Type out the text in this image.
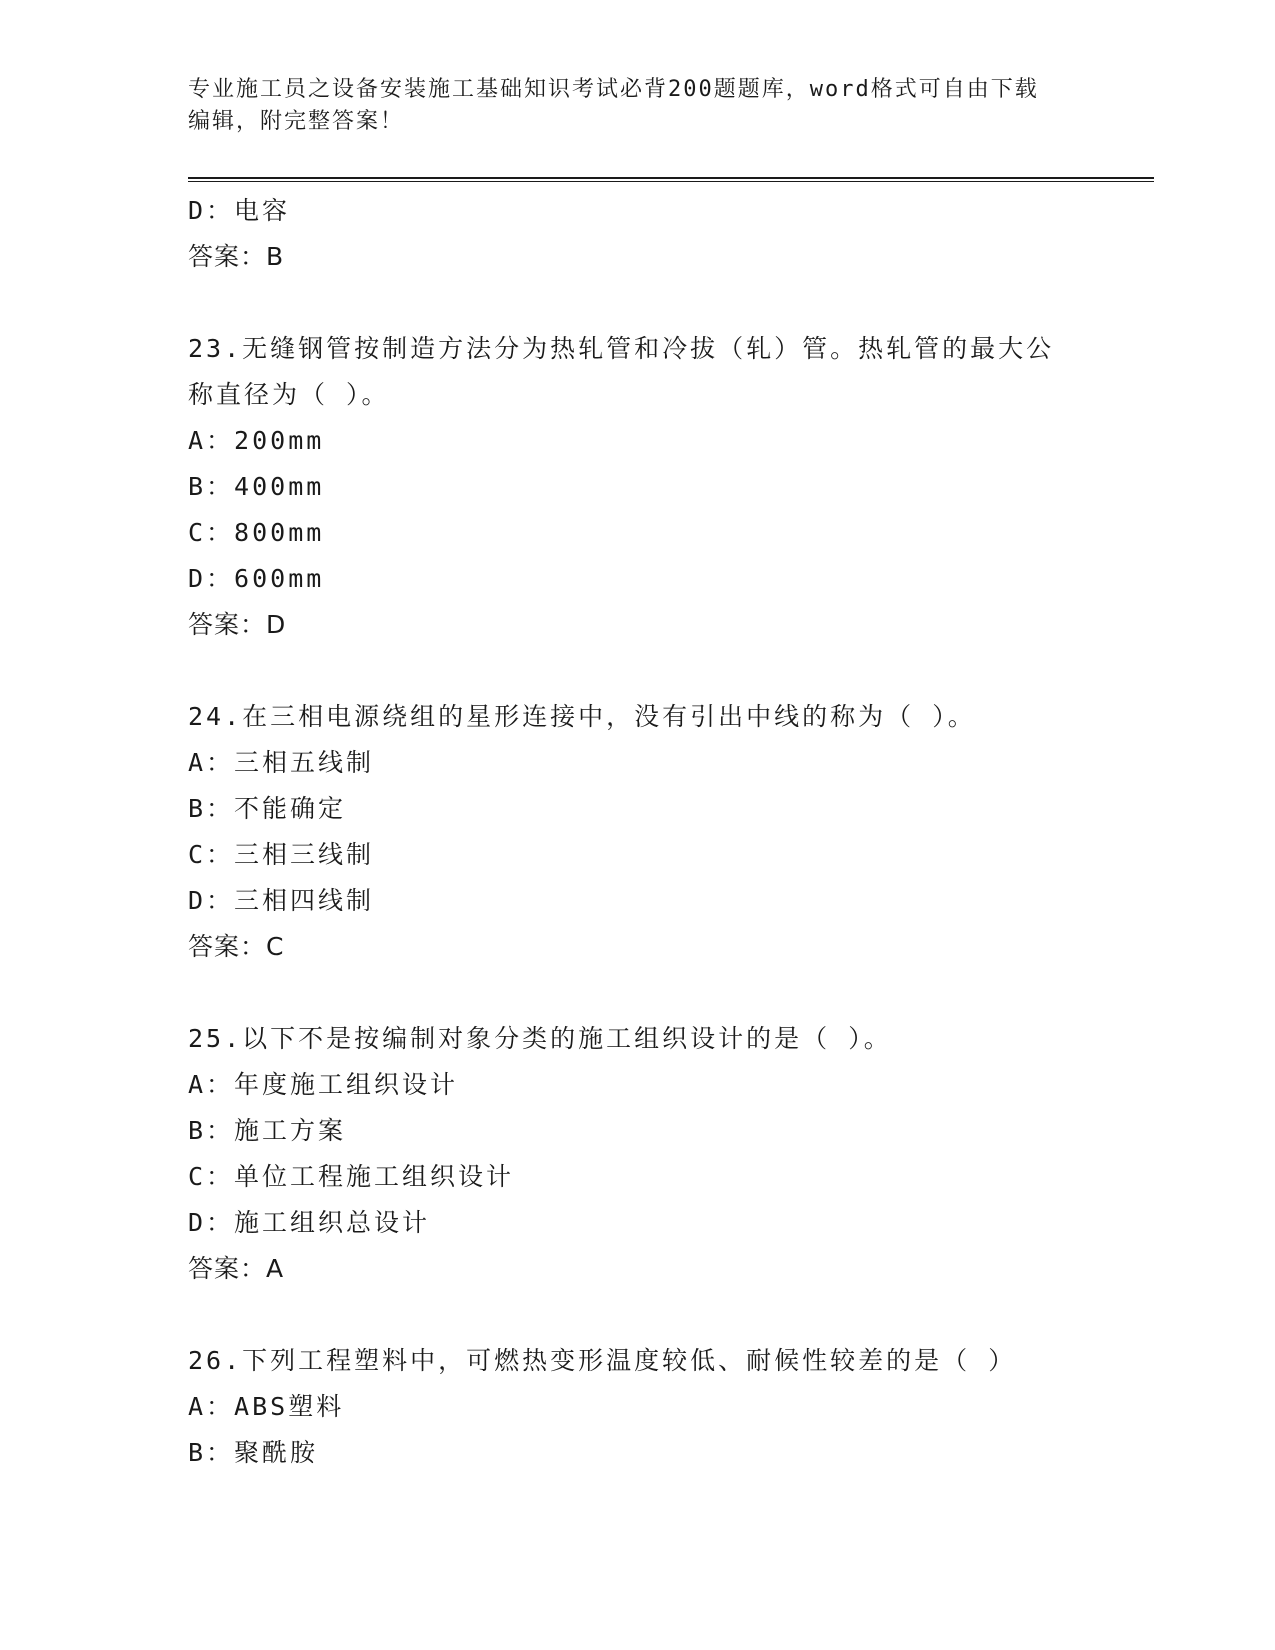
专业施工员之设备安装施工基础知识考试必背200题题库，word格式可自由下载
编辑，附完整答案！
D：电容
答案：B
23.无缝钢管按制造方法分为热轧管和冷拔（轧）管。热轧管的最大公
称直径为（ ）。
A：200mm
B：400mm
C：800mm
D：600mm
答案：D
24.在三相电源绕组的星形连接中，没有引出中线的称为（ ）。
A：三相五线制
B：不能确定
C：三相三线制
D：三相四线制
答案：C
25.以下不是按编制对象分类的施工组织设计的是（ ）。
A：年度施工组织设计
B：施工方案
C：单位工程施工组织设计
D：施工组织总设计
答案：A
26.下列工程塑料中，可燃热变形温度较低、耐候性较差的是（ ）
A：ABS塑料
B：聚酰胺
